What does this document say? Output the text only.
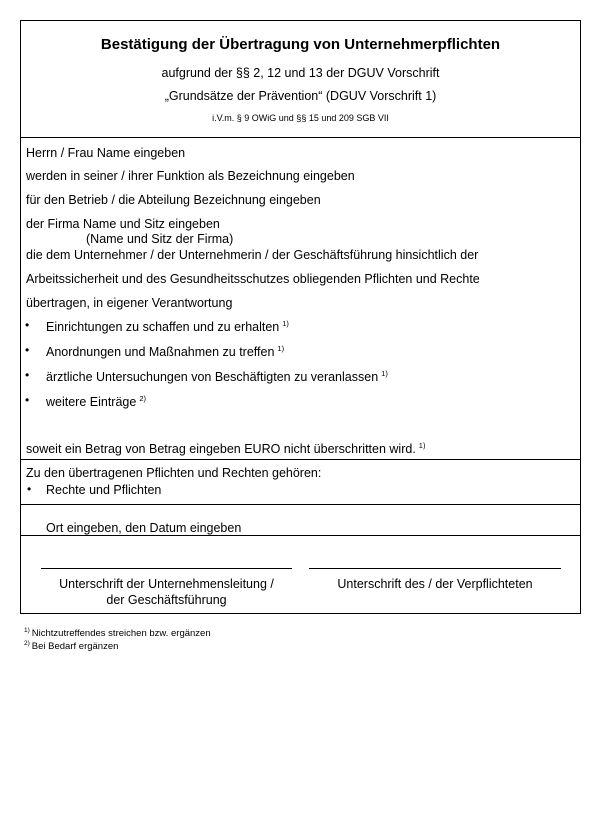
Bestätigung der Übertragung von Unternehmerpflichten
aufgrund der §§ 2, 12 und 13 der DGUV Vorschrift
„Grundsätze der Prävention“ (DGUV Vorschrift 1)
i.V.m. § 9 OWiG und §§ 15 und 209 SGB VII
Herrn / Frau Name eingeben
werden in seiner / ihrer Funktion als Bezeichnung eingeben
für den Betrieb / die Abteilung Bezeichnung eingeben
der Firma Name und Sitz eingeben
(Name und Sitz der Firma)
die dem Unternehmer / der Unternehmerin / der Geschäftsführung hinsichtlich der
Arbeitssicherheit und des Gesundheitsschutzes obliegenden Pflichten und Rechte
übertragen, in eigener Verantwortung
• Einrichtungen zu schaffen und zu erhalten $^{1)}$
• Anordnungen und Maßnahmen zu treffen $^{1)}$
• ärztliche Untersuchungen von Beschäftigten zu veranlassen $^{1)}$
• weitere Einträge $^{2)}$
soweit ein Betrag von Betrag eingeben EURO nicht überschritten wird. $^{1)}$
Zu den übertragenen Pflichten und Rechten gehören:
• Rechte und Pflichten
Ort eingeben, den Datum eingeben
Unterschrift der Unternehmensleitung /
der Geschäftsführung
Unterschrift des / der Verpflichteten
$^{1)}$ Nichtzutreffendes streichen bzw. ergänzen
$^{2)}$ Bei Bedarf ergänzen
